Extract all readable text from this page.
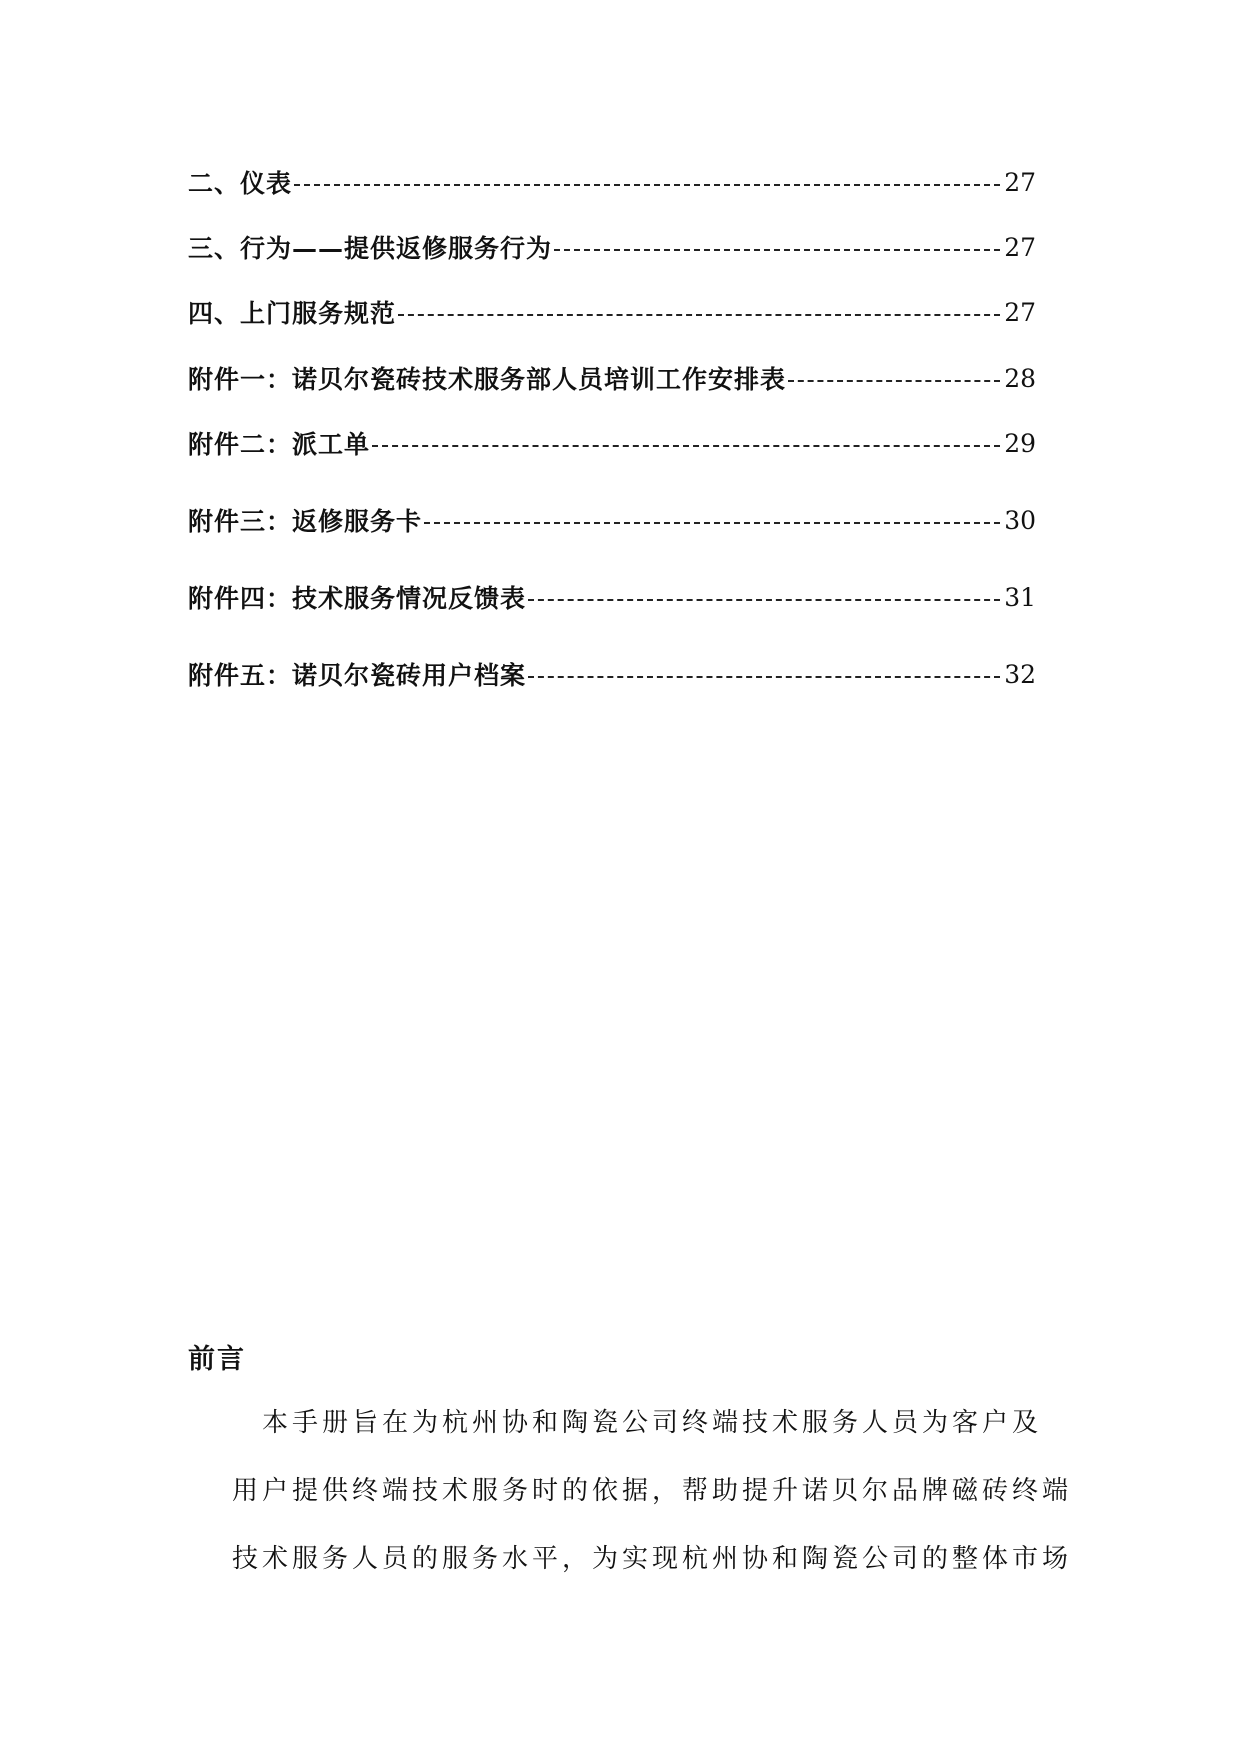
二、仪表	27
三、行为——提供返修服务行为	27
四、上门服务规范	27
附件一：诺贝尔瓷砖技术服务部人员培训工作安排表	28
附件二：派工单	29
附件三：返修服务卡	30
附件四：技术服务情况反馈表	31
附件五：诺贝尔瓷砖用户档案	32
前言
　本手册旨在为杭州协和陶瓷公司终端技术服务人员为客户及
用户提供终端技术服务时的依据，帮助提升诺贝尔品牌磁砖终端
技术服务人员的服务水平，为实现杭州协和陶瓷公司的整体市场
